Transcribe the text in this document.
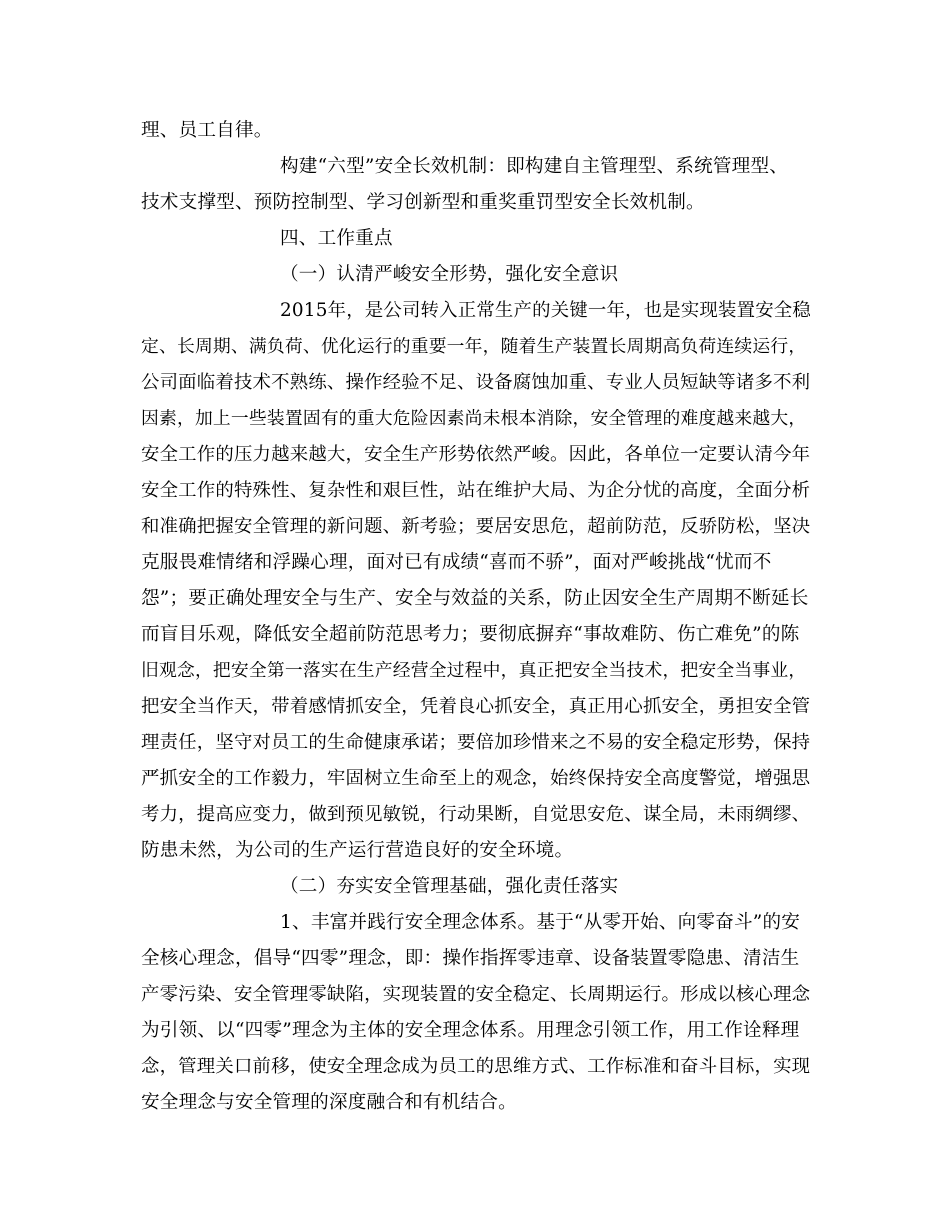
理、员工自律。
构建“六型”安全长效机制：即构建自主管理型、系统管理型、
技术支撑型、预防控制型、学习创新型和重奖重罚型安全长效机制。
四、工作重点
（一）认清严峻安全形势，强化安全意识
2015年，是公司转入正常生产的关键一年，也是实现装置安全稳
定、长周期、满负荷、优化运行的重要一年，随着生产装置长周期高负荷连续运行，
公司面临着技术不熟练、操作经验不足、设备腐蚀加重、专业人员短缺等诸多不利
因素，加上一些装置固有的重大危险因素尚未根本消除，安全管理的难度越来越大，
安全工作的压力越来越大，安全生产形势依然严峻。因此，各单位一定要认清今年
安全工作的特殊性、复杂性和艰巨性，站在维护大局、为企分忧的高度，全面分析
和准确把握安全管理的新问题、新考验；要居安思危，超前防范，反骄防松，坚决
克服畏难情绪和浮躁心理，面对已有成绩“喜而不骄”，面对严峻挑战“忧而不
怨”；要正确处理安全与生产、安全与效益的关系，防止因安全生产周期不断延长
而盲目乐观，降低安全超前防范思考力；要彻底摒弃“事故难防、伤亡难免”的陈
旧观念，把安全第一落实在生产经营全过程中，真正把安全当技术，把安全当事业，
把安全当作天，带着感情抓安全，凭着良心抓安全，真正用心抓安全，勇担安全管
理责任，坚守对员工的生命健康承诺；要倍加珍惜来之不易的安全稳定形势，保持
严抓安全的工作毅力，牢固树立生命至上的观念，始终保持安全高度警觉，增强思
考力，提高应变力，做到预见敏锐，行动果断，自觉思安危、谋全局，未雨绸缪、
防患未然，为公司的生产运行营造良好的安全环境。
（二）夯实安全管理基础，强化责任落实
1、丰富并践行安全理念体系。基于“从零开始、向零奋斗”的安
全核心理念，倡导“四零”理念，即：操作指挥零违章、设备装置零隐患、清洁生
产零污染、安全管理零缺陷，实现装置的安全稳定、长周期运行。形成以核心理念
为引领、以“四零”理念为主体的安全理念体系。用理念引领工作，用工作诠释理
念，管理关口前移，使安全理念成为员工的思维方式、工作标准和奋斗目标，实现
安全理念与安全管理的深度融合和有机结合。
